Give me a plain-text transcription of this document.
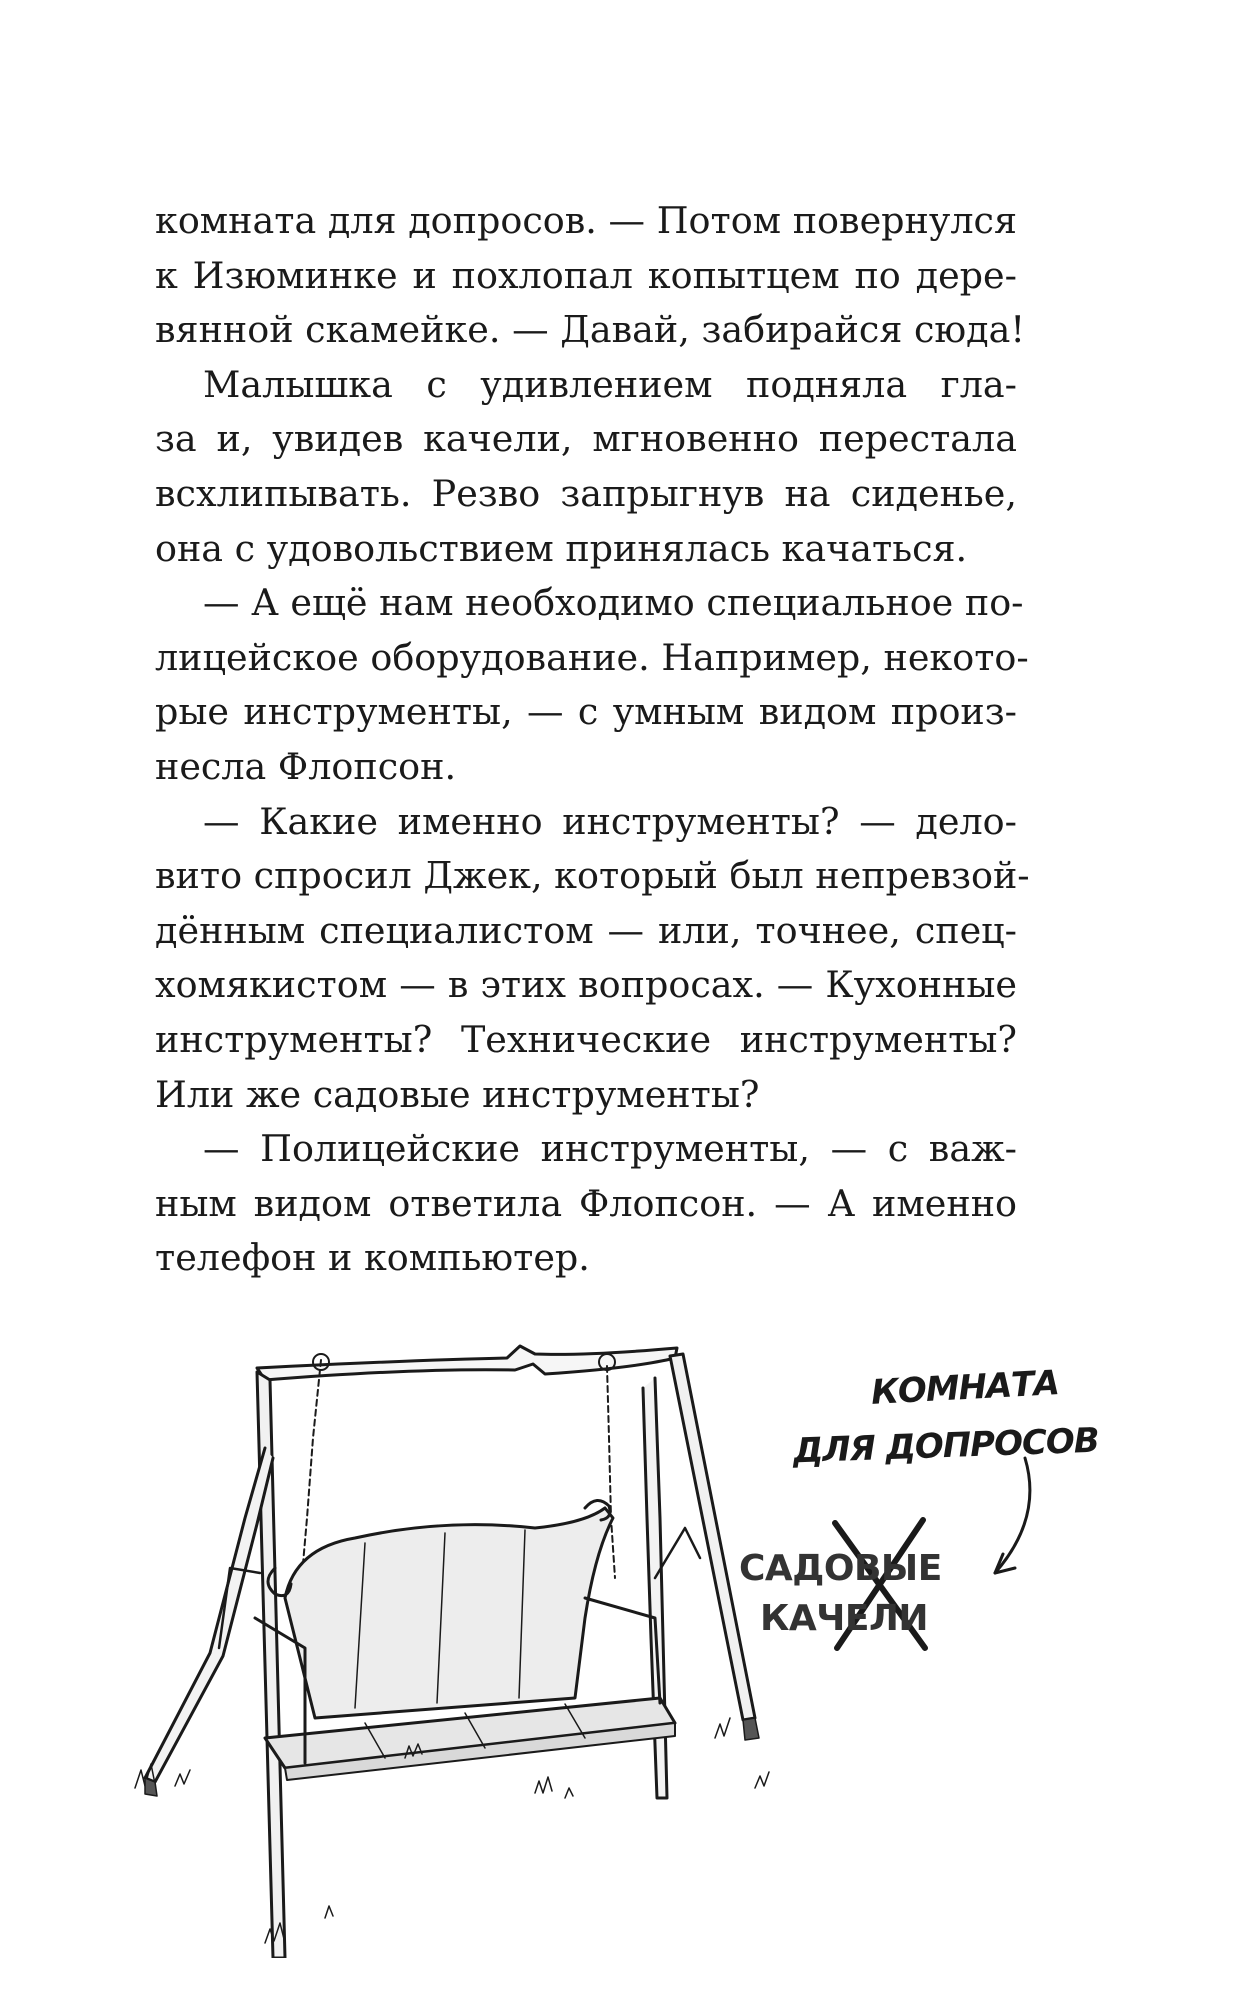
комната для допросов. — Потом повернулся
к Изюминке и похлопал копытцем по дере-
вянной скамейке. — Давай, забирайся сюда!
Малышка с удивлением подняла гла-
за и, увидев качели, мгновенно перестала
всхлипывать. Резво запрыгнув на сиденье,
она с удовольствием принялась качаться.
— А ещё нам необходимо специальное по-
лицейское оборудование. Например, некото-
рые инструменты, — с умным видом произ-
несла Флопсон.
— Какие именно инструменты? — дело-
вито спросил Джек, который был непревзой-
дённым специалистом — или, точнее, спец-
хомякистом — в этих вопросах. — Кухонные
инструменты? Технические инструменты?
Или же садовые инструменты?
— Полицейские инструменты, — с важ-
ным видом ответила Флопсон. — А именно
телефон и компьютер.
КОМНАТА
ДЛЯ ДОПРОСОВ
САДОВЫЕ
КАЧЕЛИ
